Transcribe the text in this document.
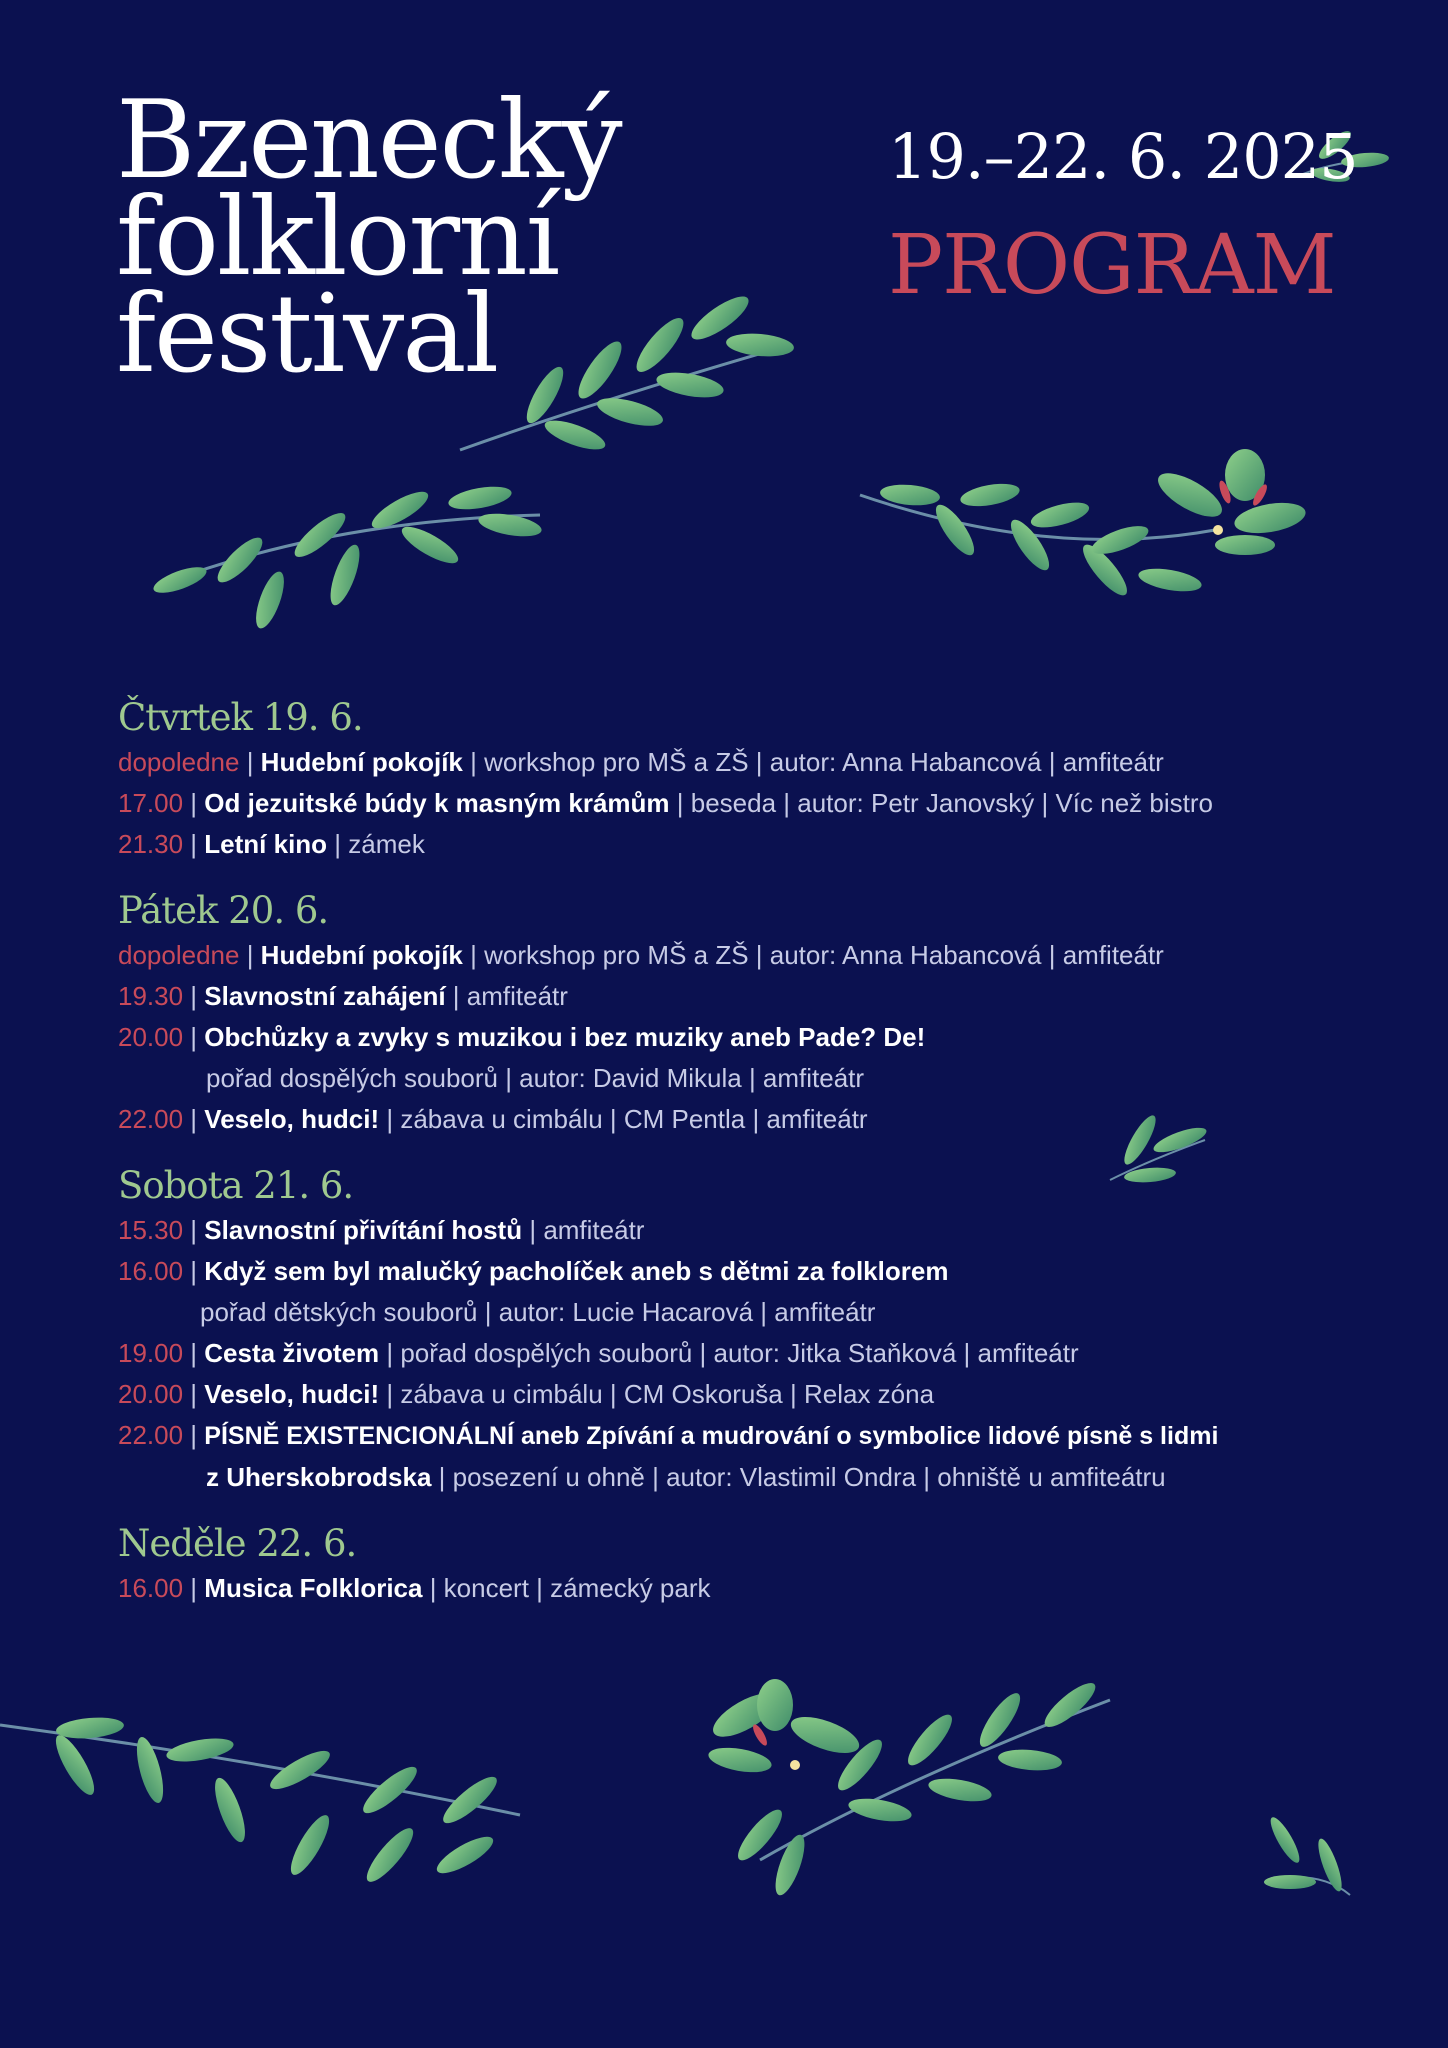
Bzenecký
folklorní
festival
19.–22. 6. 2025
PROGRAM
Čtvrtek 19. 6.
dopoledne | Hudební pokojík | workshop pro MŠ a ZŠ | autor: Anna Habancová | amfiteátr
17.00 | Od jezuitské búdy k masným krámům | beseda | autor: Petr Janovský | Víc než bistro
21.30 | Letní kino | zámek
Pátek 20. 6.
dopoledne | Hudební pokojík | workshop pro MŠ a ZŠ | autor: Anna Habancová | amfiteátr
19.30 | Slavnostní zahájení | amfiteátr
20.00 | Obchůzky a zvyky s muzikou i bez muziky aneb Pade? De!
pořad dospělých souborů | autor: David Mikula | amfiteátr
22.00 | Veselo, hudci! | zábava u cimbálu | CM Pentla | amfiteátr
Sobota 21. 6.
15.30 | Slavnostní přivítání hostů | amfiteátr
16.00 | Když sem byl malučký pacholíček aneb s dětmi za folklorem
pořad dětských souborů | autor: Lucie Hacarová | amfiteátr
19.00 | Cesta životem | pořad dospělých souborů | autor: Jitka Staňková | amfiteátr
20.00 | Veselo, hudci! | zábava u cimbálu | CM Oskoruša | Relax zóna
22.00 | PÍSNĚ EXISTENCIONÁLNÍ aneb Zpívání a mudrování o symbolice lidové písně s lidmi
z Uherskobrodska | posezení u ohně | autor: Vlastimil Ondra | ohniště u amfiteátru
Neděle 22. 6.
16.00 | Musica Folklorica | koncert | zámecký park
